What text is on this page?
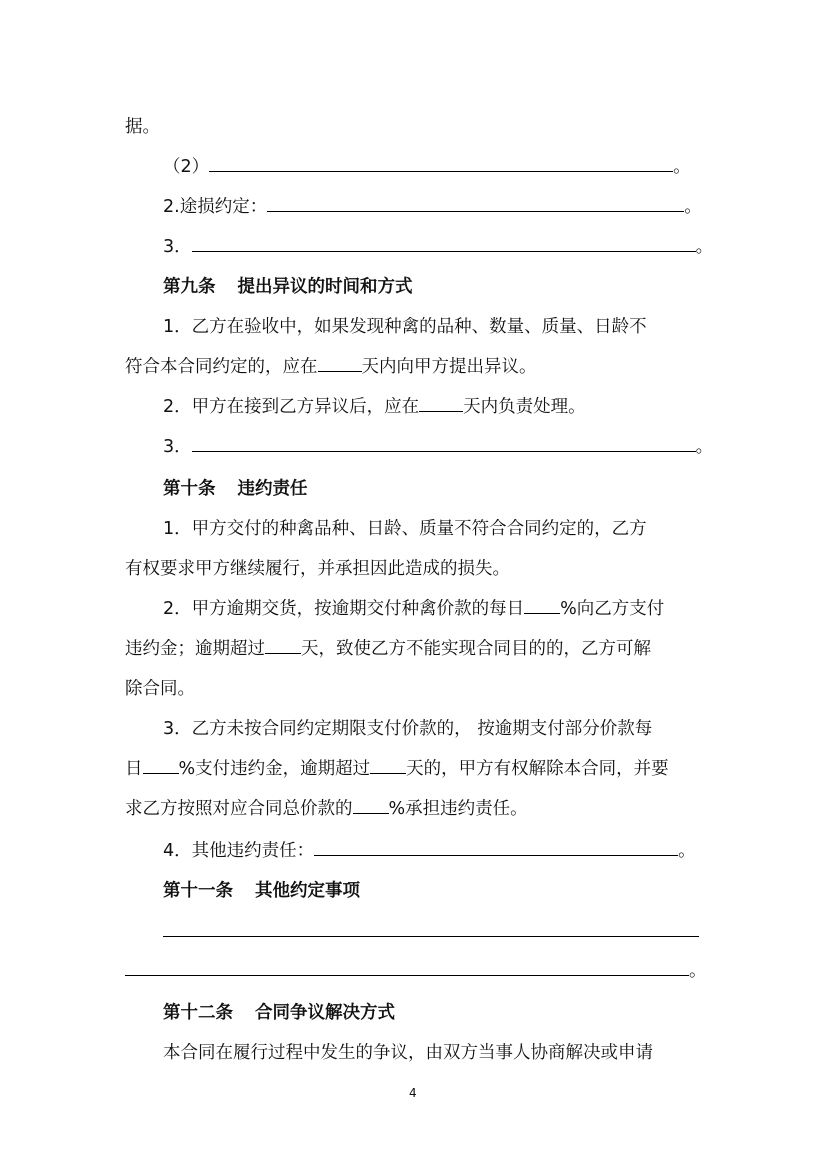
据。
（2）	。
2.途损约定：	。
3．	。
第九条 提出异议的时间和方式
1．乙方在验收中，如果发现种禽的品种、数量、质量、日龄不
符合本合同约定的，应在	天内向甲方提出异议。
2．甲方在接到乙方异议后，应在	天内负责处理。
3．	。
第十条 违约责任
1．甲方交付的种禽品种、日龄、质量不符合合同约定的，乙方
有权要求甲方继续履行，并承担因此造成的损失。
2．甲方逾期交货，按逾期交付种禽价款的每日 %向乙方支付
违约金；逾期超过 天，致使乙方不能实现合同目的的，乙方可解
除合同。
3．乙方未按合同约定期限支付价款的， 按逾期支付部分价款每
日 %支付违约金，逾期超过 天的，甲方有权解除本合同，并要
求乙方按照对应合同总价款的 %承担违约责任。
4．其他违约责任：	。
第十一条 其他约定事项
。
第十二条 合同争议解决方式
本合同在履行过程中发生的争议，由双方当事人协商解决或申请
4
